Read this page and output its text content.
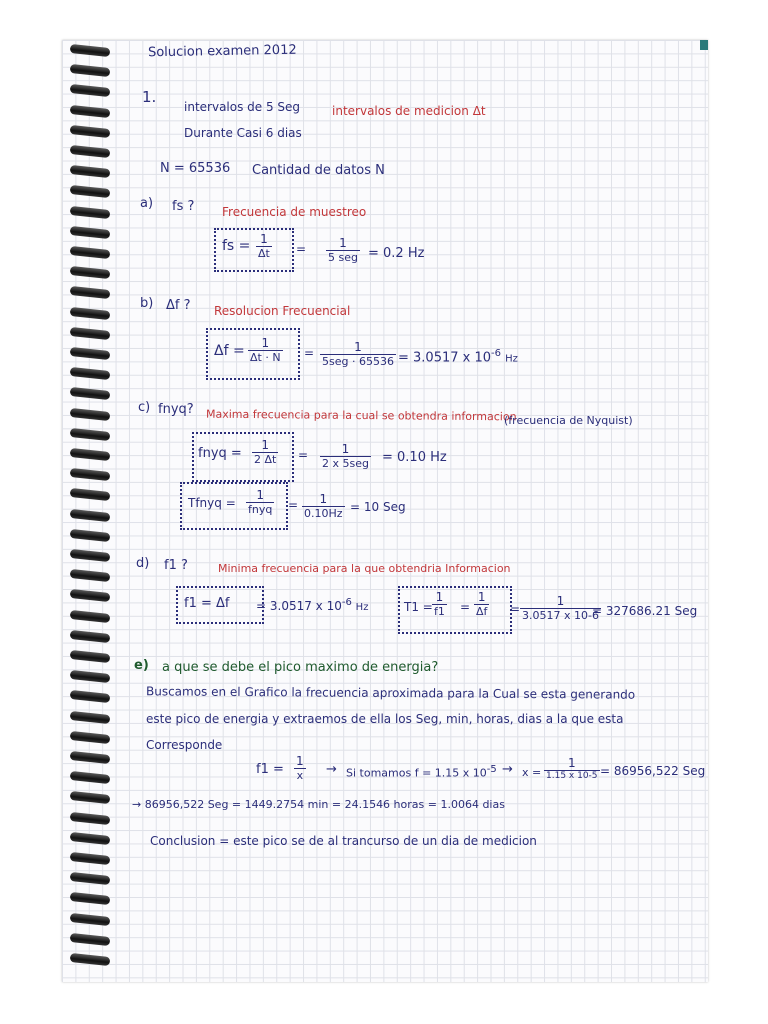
Solucion examen 2012
1.
intervalos de 5 Seg	intervalos de medicion Δt
Durante Casi 6 dias
N = 65536 Cantidad de datos N
a) fs ? Frecuencia de muestreo
fs = $\frac{1}{\Delta t}$ =	1
5 seg = 0.2 Hz
b) Δf ? Resolucion Frecuencial
$\Delta f = \frac{1}{\Delta t \cdot N}$ =	1
5seg · 65536 = 3.0517 x $10^{-6}$ Hz
c) fnyq? Maxima frecuencia para la cual se obtendra informacion
(frecuencia de Nyquist)
fnyq = $\frac{1}{2 \Delta t}$ =	1
2 x 5seg = 0.10 Hz
Tfnyq =
1
fnyq = $\frac{1}{0.10Hz} = 10$ Seg
d) f1 ?	Minima frecuencia para la que obtendria Informacion
f1 = Δf = 3.0517 x $10^{-6}$ Hz	$T1 = \frac{1}{f1} = \frac{1}{\Delta f} = \frac{1}{3.0517 x 10-6}$
= 327686.21 Seg
e) a que se debe el pico maximo de energia?
Buscamos en el Grafico la frecuencia aproximada para la Cual se esta generando
este pico de energia y extraemos de ella los Seg, min, horas, dias a la que esta
Corresponde
$f1 = \frac{1}{x} \to Si$ tomamos f = 1.15 x $10^{-5} \to x$ =
1
1.15 x 10-5 = 86956,522 Seg
→ 86956,522 Seg = 1449.2754 min = 24.1546 horas = 1.0064 dias
Conclusion = este pico se de al trancurso de un dia de medicion
